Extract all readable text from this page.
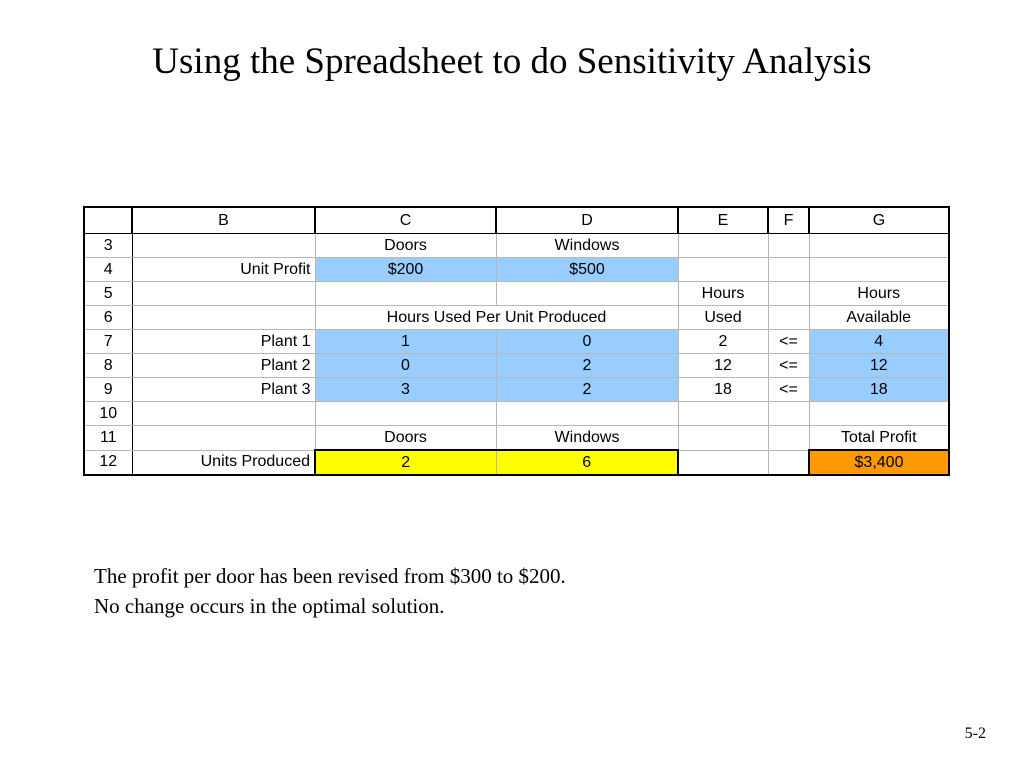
Using the Spreadsheet to do Sensitivity Analysis
	B	C	D	E	F	G
3		Doors	Windows			
4	Unit Profit	$200	$500			
5				Hours		Hours
6		Hours Used Per Unit Produced		Used		Available
7	Plant 1	1	0	2	<=	4
8	Plant 2	0	2	12	<=	12
9	Plant 3	3	2	18	<=	18
10						
11		Doors	Windows			Total Profit
12	Units Produced	2	6			$3,400
The profit per door has been revised from $300 to $200.
No change occurs in the optimal solution.
5-2
